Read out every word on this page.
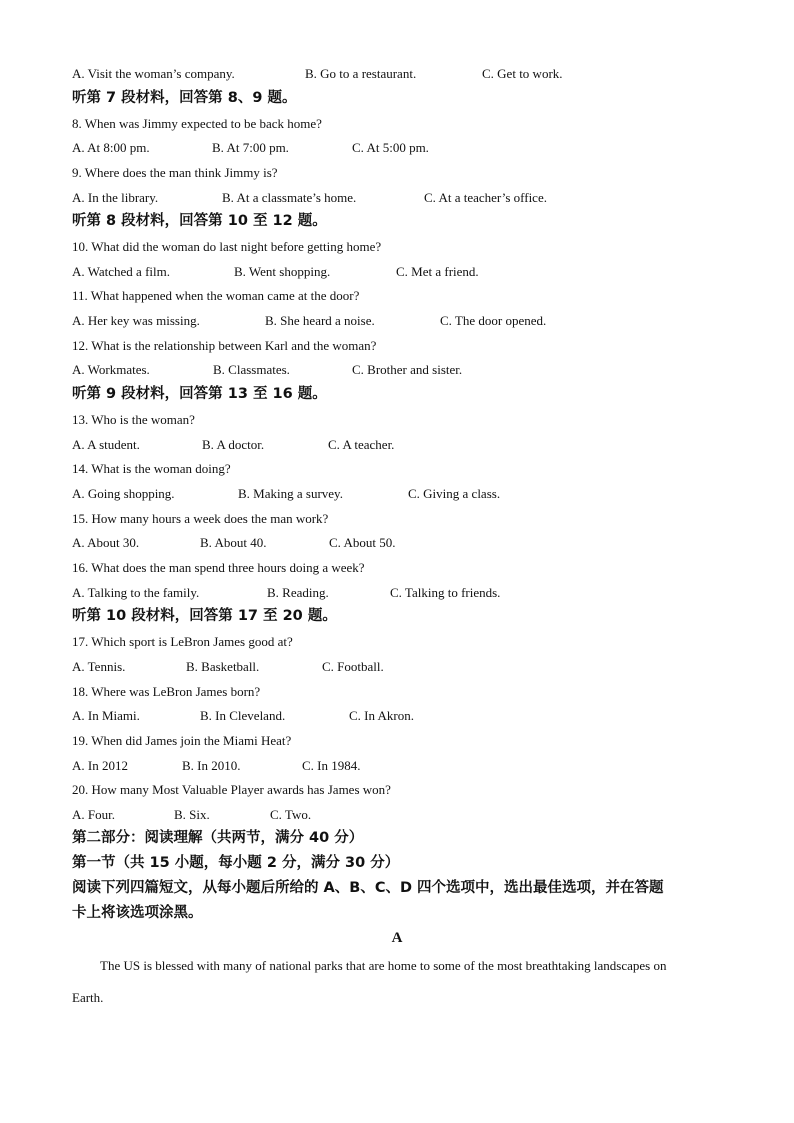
A. Visit the woman’s company.	B. Go to a restaurant.	C. Get to work.
听第 7 段材料，回答第 8、9 题。
8. When was Jimmy expected to be back home?
A. At 8:00 pm.	B. At 7:00 pm.	C. At 5:00 pm.
9. Where does the man think Jimmy is?
A. In the library.	B. At a classmate’s home.	C. At a teacher’s office.
听第 8 段材料，回答第 10 至 12 题。
10. What did the woman do last night before getting home?
A. Watched a film.	B. Went shopping.	C. Met a friend.
11. What happened when the woman came at the door?
A. Her key was missing.	B. She heard a noise.	C. The door opened.
12. What is the relationship between Karl and the woman?
A. Workmates.	B. Classmates.	C. Brother and sister.
听第 9 段材料，回答第 13 至 16 题。
13. Who is the woman?
A. A student.	B. A doctor.	C. A teacher.
14. What is the woman doing?
A. Going shopping.	B. Making a survey.	C. Giving a class.
15. How many hours a week does the man work?
A. About 30.	B. About 40.	C. About 50.
16. What does the man spend three hours doing a week?
A. Talking to the family.	B. Reading.	C. Talking to friends.
听第 10 段材料，回答第 17 至 20 题。
17. Which sport is LeBron James good at?
A. Tennis.	B. Basketball.	C. Football.
18. Where was LeBron James born?
A. In Miami.	B. In Cleveland.	C. In Akron.
19. When did James join the Miami Heat?
A. In 2012	B. In 2010.	C. In 1984.
20. How many Most Valuable Player awards has James won?
A. Four.	B. Six.	C. Two.
第二部分：阅读理解（共两节，满分 40 分）
第一节（共 15 小题，每小题 2 分，满分 30 分）
阅读下列四篇短文，从每小题后所给的 A、B、C、D 四个选项中，选出最佳选项，并在答题
卡上将该选项涂黑。
A
The US is blessed with many of national parks that are home to some of the most breathtaking landscapes on
Earth.
